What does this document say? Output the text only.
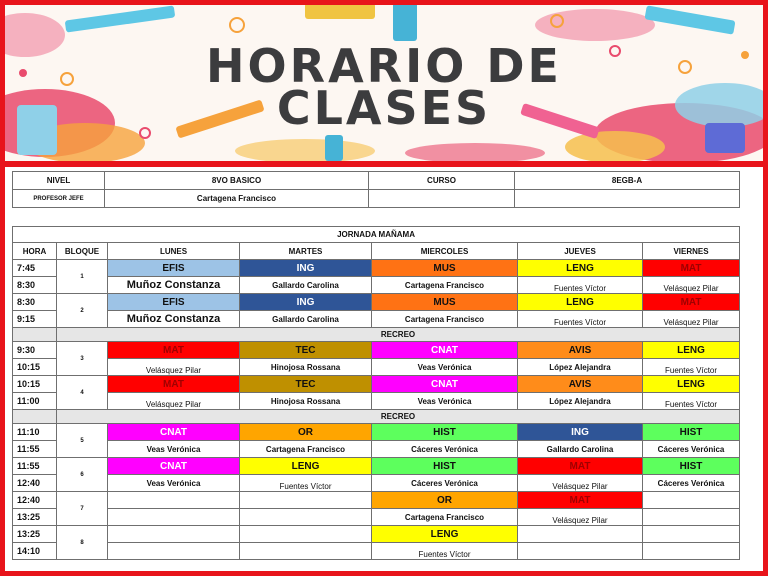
HORARIO DE
CLASES
NIVEL	8VO BASICO	CURSO	8EGB-A
PROFESOR JEFE	Cartagena Francisco		
JORNADA MAÑAMA						
HORA	BLOQUE	LUNES	MARTES	MIERCOLES	JUEVES	VIERNES
7:45	1	EFIS	ING	MUS	LENG	MAT
8:30		Muñoz Constanza	Gallardo Carolina	Cartagena Francisco	Fuentes Víctor	Velásquez Pilar
8:30	2	EFIS	ING	MUS	LENG	MAT
9:15		Muñoz Constanza	Gallardo Carolina	Cartagena Francisco	Fuentes Víctor	Velásquez Pilar
	RECREO					
9:30	3	MAT	TEC	CNAT	AVIS	LENG
10:15		Velásquez Pilar	Hinojosa Rossana	Veas Verónica	López Alejandra	Fuentes Víctor
10:15	4	MAT	TEC	CNAT	AVIS	LENG
11:00		Velásquez Pilar	Hinojosa Rossana	Veas Verónica	López Alejandra	Fuentes Víctor
	RECREO					
11:10	5	CNAT	OR	HIST	ING	HIST
11:55		Veas Verónica	Cartagena Francisco	Cáceres Verónica	Gallardo Carolina	Cáceres Verónica
11:55	6	CNAT	LENG	HIST	MAT	HIST
12:40		Veas Verónica	Fuentes Víctor	Cáceres Verónica	Velásquez Pilar	Cáceres Verónica
12:40	7			OR	MAT	
13:25				Cartagena Francisco	Velásquez Pilar	
13:25	8			LENG		
14:10				Fuentes Víctor		
